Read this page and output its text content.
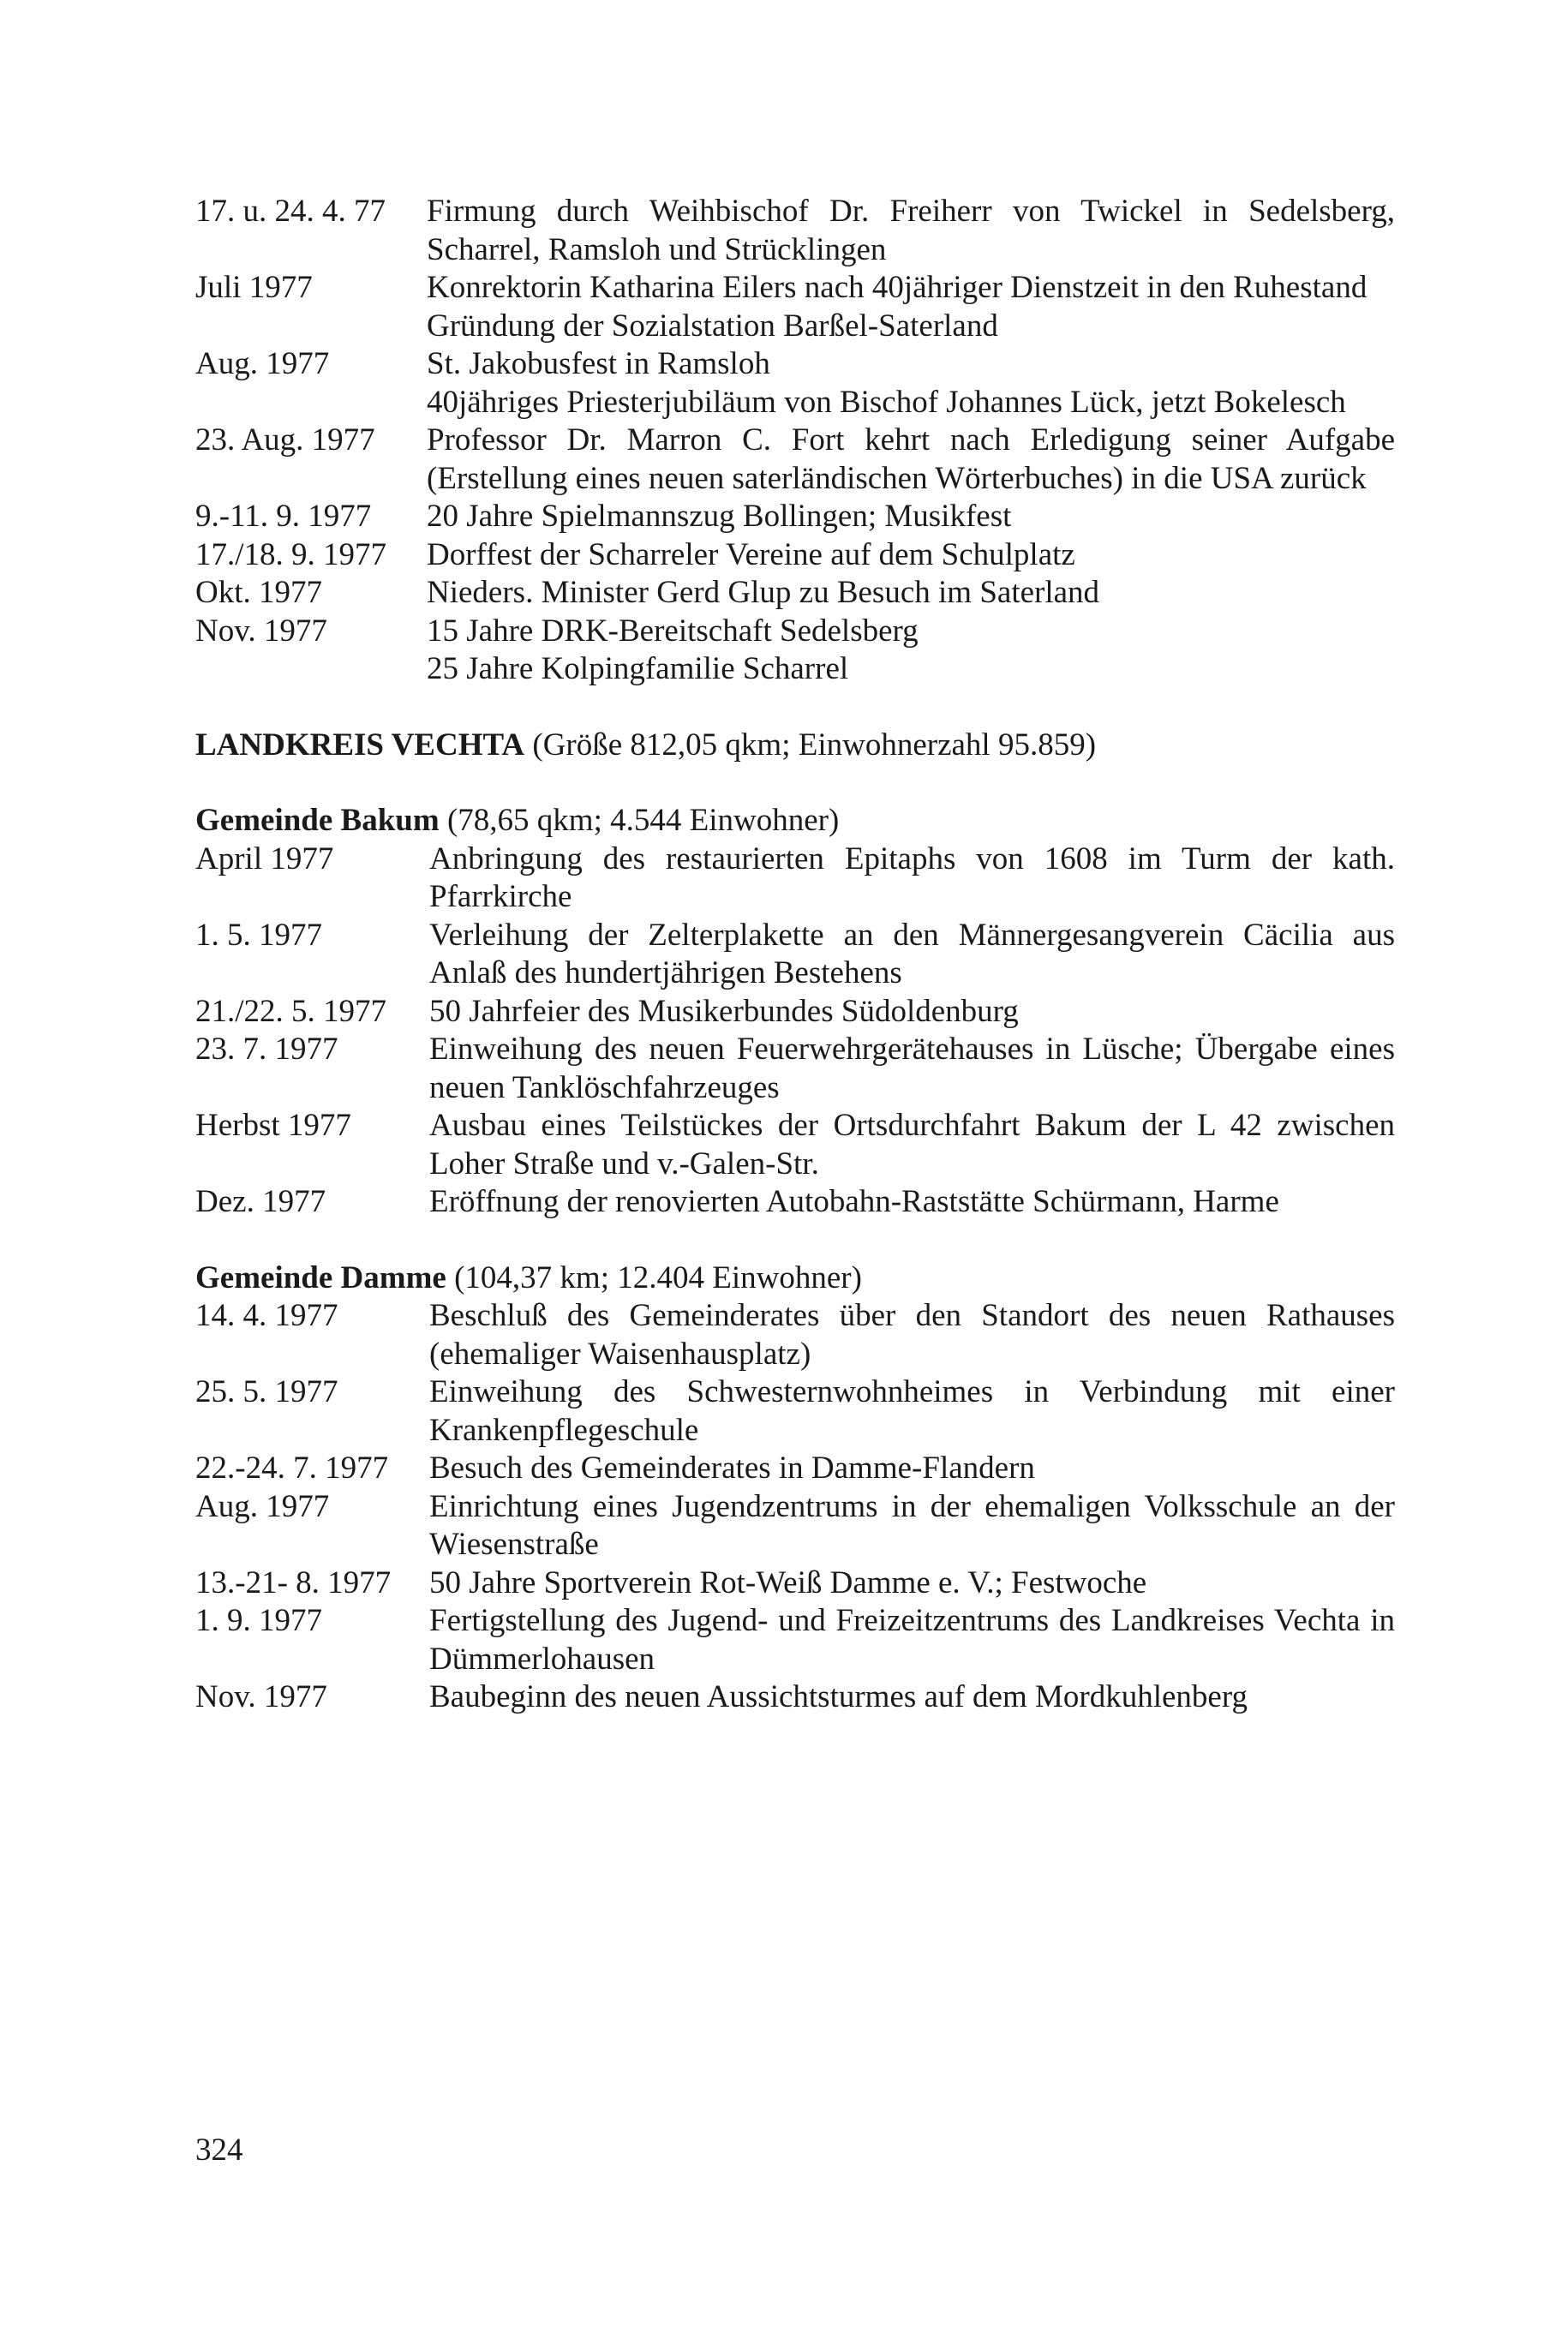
17. u. 24. 4. 77	Firmung durch Weihbischof Dr. Freiherr von Twickel in Sedelsberg, Scharrel, Ramsloh und Strücklingen
Juli 1977	Konrektorin Katharina Eilers nach 40jähriger Dienstzeit in den Ruhestand
Gründung der Sozialstation Barßel-Saterland
Aug. 1977	St. Jakobusfest in Ramsloh
40jähriges Priesterjubiläum von Bischof Johannes Lück, jetzt Bokelesch
23. Aug. 1977	Professor Dr. Marron C. Fort kehrt nach Erledigung seiner Aufgabe (Erstellung eines neuen saterländischen Wörterbuches) in die USA zurück
9.-11. 9. 1977	20 Jahre Spielmannszug Bollingen; Musikfest
17./18. 9. 1977	Dorffest der Scharreler Vereine auf dem Schulplatz
Okt. 1977	Nieders. Minister Gerd Glup zu Besuch im Saterland
Nov. 1977	15 Jahre DRK-Bereitschaft Sedelsberg
25 Jahre Kolpingfamilie Scharrel
LANDKREIS VECHTA (Größe 812,05 qkm; Einwohnerzahl 95.859)
Gemeinde Bakum (78,65 qkm; 4.544 Einwohner)
April 1977	Anbringung des restaurierten Epitaphs von 1608 im Turm der kath. Pfarrkirche
1. 5. 1977	Verleihung der Zelterplakette an den Männergesangverein Cäcilia aus Anlaß des hundertjährigen Bestehens
21./22. 5. 1977	50 Jahrfeier des Musikerbundes Südoldenburg
23. 7. 1977	Einweihung des neuen Feuerwehrgerätehauses in Lüsche; Übergabe eines neuen Tanklöschfahrzeuges
Herbst 1977	Ausbau eines Teilstückes der Ortsdurchfahrt Bakum der L 42 zwischen Loher Straße und v.-Galen-Str.
Dez. 1977	Eröffnung der renovierten Autobahn-Raststätte Schürmann, Harme
Gemeinde Damme (104,37 km; 12.404 Einwohner)
14. 4. 1977	Beschluß des Gemeinderates über den Standort des neuen Rathauses (ehemaliger Waisenhausplatz)
25. 5. 1977	Einweihung des Schwesternwohnheimes in Verbindung mit einer Krankenpflegeschule
22.-24. 7. 1977	Besuch des Gemeinderates in Damme-Flandern
Aug. 1977	Einrichtung eines Jugendzentrums in der ehemaligen Volksschule an der Wiesenstraße
13.-21- 8. 1977	50 Jahre Sportverein Rot-Weiß Damme e. V.; Festwoche
1. 9. 1977	Fertigstellung des Jugend- und Freizeitzentrums des Landkreises Vechta in Dümmerlohausen
Nov. 1977	Baubeginn des neuen Aussichtsturmes auf dem Mordkuhlenberg
324
